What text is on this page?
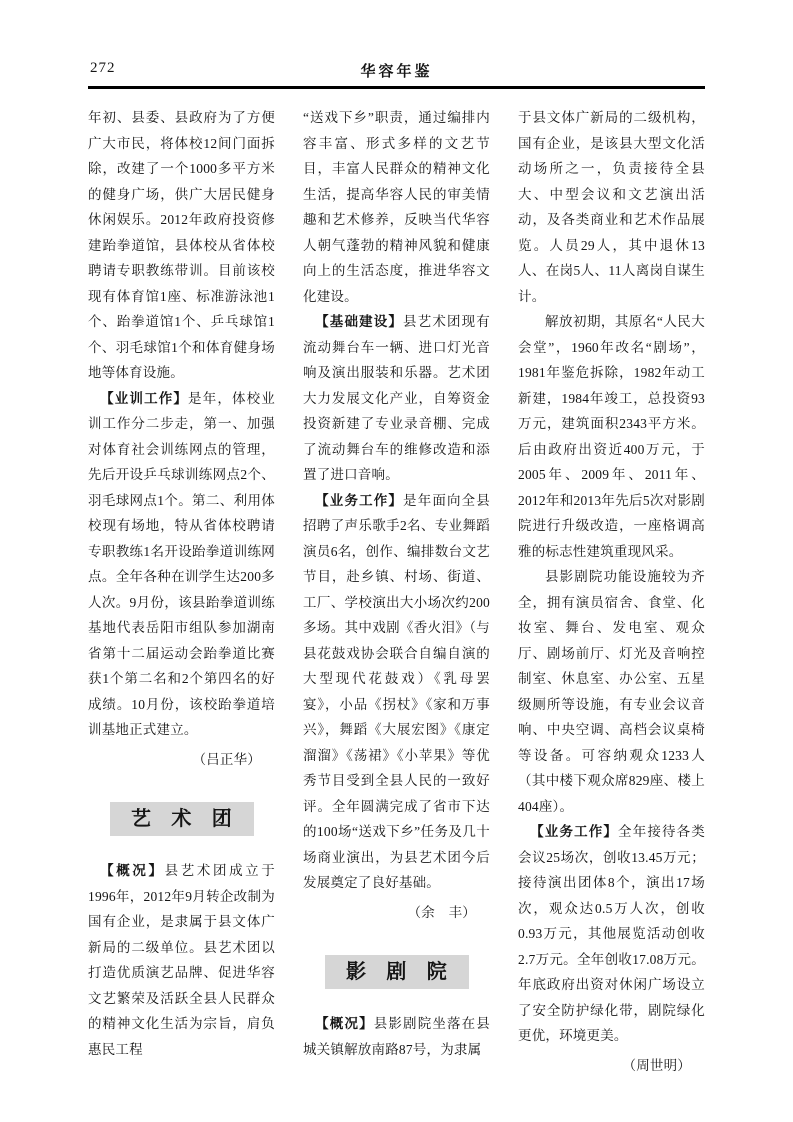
272	华容年鉴

年初、县委、县政府为了方便广大市民，将体校12间门面拆除，改建了一个1000多平方米的健身广场，供广大居民健身休闲娱乐。2012年政府投资修建跆拳道馆，县体校从省体校聘请专职教练带训。目前该校现有体育馆1座、标准游泳池1个、跆拳道馆1个、乒乓球馆1个、羽毛球馆1个和体育健身场地等体育设施。

【业训工作】是年，体校业训工作分二步走，第一、加强对体育社会训练网点的管理，先后开设乒乓球训练网点2个、羽毛球网点1个。第二、利用体校现有场地，特从省体校聘请专职教练1名开设跆拳道训练网点。全年各种在训学生达200多人次。9月份，该县跆拳道训练基地代表岳阳市组队参加湖南省第十二届运动会跆拳道比赛获1个第二名和2个第四名的好成绩。10月份，该校跆拳道培训基地正式建立。

（吕正华）

艺　术　团

【概况】县艺术团成立于1996年，2012年9月转企改制为国有企业，是隶属于县文体广新局的二级单位。县艺术团以打造优质演艺品牌、促进华容文艺繁荣及活跃全县人民群众的精神文化生活为宗旨，肩负惠民工程

“送戏下乡”职责，通过编排内容丰富、形式多样的文艺节目，丰富人民群众的精神文化生活，提高华容人民的审美情趣和艺术修养，反映当代华容人朝气蓬勃的精神风貌和健康向上的生活态度，推进华容文化建设。

【基础建设】县艺术团现有流动舞台车一辆、进口灯光音响及演出服装和乐器。艺术团大力发展文化产业，自筹资金投资新建了专业录音棚、完成了流动舞台车的维修改造和添置了进口音响。

【业务工作】是年面向全县招聘了声乐歌手2名、专业舞蹈演员6名，创作、编排数台文艺节目，赴乡镇、村场、街道、工厂、学校演出大小场次约200多场。其中戏剧《香火泪》（与县花鼓戏协会联合自编自演的大型现代花鼓戏）《乳母罢宴》，小品《拐杖》《家和万事兴》，舞蹈《大展宏图》《康定溜溜》《荡裙》《小苹果》等优秀节目受到全县人民的一致好评。全年圆满完成了省市下达的100场“送戏下乡”任务及几十场商业演出，为县艺术团今后发展奠定了良好基础。

（余　丰）

影　剧　院

【概况】县影剧院坐落在县城关镇解放南路87号，为隶属

于县文体广新局的二级机构，国有企业，是该县大型文化活动场所之一，负责接待全县大、中型会议和文艺演出活动，及各类商业和艺术作品展览。人员29人，其中退休13人、在岗5人、11人离岗自谋生计。

解放初期，其原名“人民大会堂”，1960年改名“剧场”，1981年鉴危拆除，1982年动工新建，1984年竣工，总投资93万元，建筑面积2343平方米。后由政府出资近400万元，于2005年、2009年、2011年、2012年和2013年先后5次对影剧院进行升级改造，一座格调高雅的标志性建筑重现风采。

县影剧院功能设施较为齐全，拥有演员宿舍、食堂、化妆室、舞台、发电室、观众厅、剧场前厅、灯光及音响控制室、休息室、办公室、五星级厕所等设施，有专业会议音响、中央空调、高档会议桌椅等设备。可容纳观众1233人（其中楼下观众席829座、楼上404座）。

【业务工作】全年接待各类会议25场次，创收13.45万元；接待演出团体8个，演出17场次，观众达0.5万人次，创收0.93万元，其他展览活动创收2.7万元。全年创收17.08万元。年底政府出资对休闲广场设立了安全防护绿化带，剧院绿化更优，环境更美。

（周世明）
